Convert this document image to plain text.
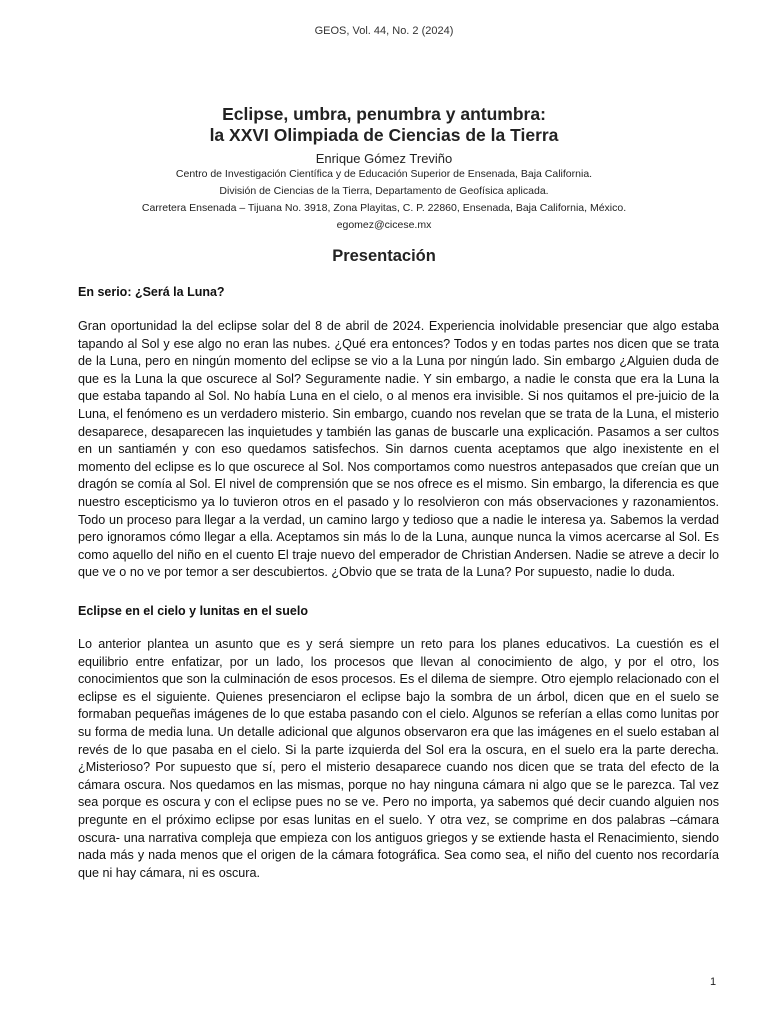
GEOS, Vol. 44, No. 2 (2024)
Eclipse, umbra, penumbra y antumbra:
la XXVI Olimpiada de Ciencias de la Tierra
Enrique Gómez Treviño
Centro de Investigación Científica y de Educación Superior de Ensenada, Baja California.
División de Ciencias de la Tierra, Departamento de Geofísica aplicada.
Carretera Ensenada – Tijuana No. 3918, Zona Playitas, C. P. 22860, Ensenada, Baja California, México.
egomez@cicese.mx
Presentación
En serio: ¿Será la Luna?

Gran oportunidad la del eclipse solar del 8 de abril de 2024. Experiencia inolvidable presenciar que algo estaba tapando al Sol y ese algo no eran las nubes. ¿Qué era entonces? Todos y en todas partes nos dicen que se trata de la Luna, pero en ningún momento del eclipse se vio a la Luna por ningún lado. Sin embargo ¿Alguien duda de que es la Luna la que oscurece al Sol? Seguramente nadie. Y sin embargo, a nadie le consta que era la Luna la que estaba tapando al Sol. No había Luna en el cielo, o al menos era invisible. Si nos quitamos el pre-juicio de la Luna, el fenómeno es un verdadero misterio. Sin embargo, cuando nos revelan que se trata de la Luna, el misterio desaparece, desaparecen las inquietudes y también las ganas de buscarle una explicación. Pasamos a ser cultos en un santiamén y con eso quedamos satisfechos. Sin darnos cuenta aceptamos que algo inexistente en el momento del eclipse es lo que oscurece al Sol. Nos comportamos como nuestros antepasados que creían que un dragón se comía al Sol. El nivel de comprensión que se nos ofrece es el mismo. Sin embargo, la diferencia es que nuestro escepticismo ya lo tuvieron otros en el pasado y lo resolvieron con más observaciones y razonamientos. Todo un proceso para llegar a la verdad, un camino largo y tedioso que a nadie le interesa ya. Sabemos la verdad pero ignoramos cómo llegar a ella. Aceptamos sin más lo de la Luna, aunque nunca la vimos acercarse al Sol. Es como aquello del niño en el cuento El traje nuevo del emperador de Christian Andersen. Nadie se atreve a decir lo que ve o no ve por temor a ser descubiertos. ¿Obvio que se trata de la Luna? Por supuesto, nadie lo duda.

Eclipse en el cielo y lunitas en el suelo

Lo anterior plantea un asunto que es y será siempre un reto para los planes educativos. La cuestión es el equilibrio entre enfatizar, por un lado, los procesos que llevan al conocimiento de algo, y por el otro, los conocimientos que son la culminación de esos procesos. Es el dilema de siempre. Otro ejemplo relacionado con el eclipse es el siguiente. Quienes presenciaron el eclipse bajo la sombra de un árbol, dicen que en el suelo se formaban pequeñas imágenes de lo que estaba pasando con el cielo. Algunos se referían a ellas como lunitas por su forma de media luna. Un detalle adicional que algunos observaron era que las imágenes en el suelo estaban al revés de lo que pasaba en el cielo. Si la parte izquierda del Sol era la oscura, en el suelo era la parte derecha. ¿Misterioso? Por supuesto que sí, pero el misterio desaparece cuando nos dicen que se trata del efecto de la cámara oscura. Nos quedamos en las mismas, porque no hay ninguna cámara ni algo que se le parezca. Tal vez sea porque es oscura y con el eclipse pues no se ve. Pero no importa, ya sabemos qué decir cuando alguien nos pregunte en el próximo eclipse por esas lunitas en el suelo. Y otra vez, se comprime en dos palabras –cámara oscura- una narrativa compleja que empieza con los antiguos griegos y se extiende hasta el Renacimiento, siendo nada más y nada menos que el origen de la cámara fotográfica. Sea como sea, el niño del cuento nos recordaría que ni hay cámara, ni es oscura.

1
